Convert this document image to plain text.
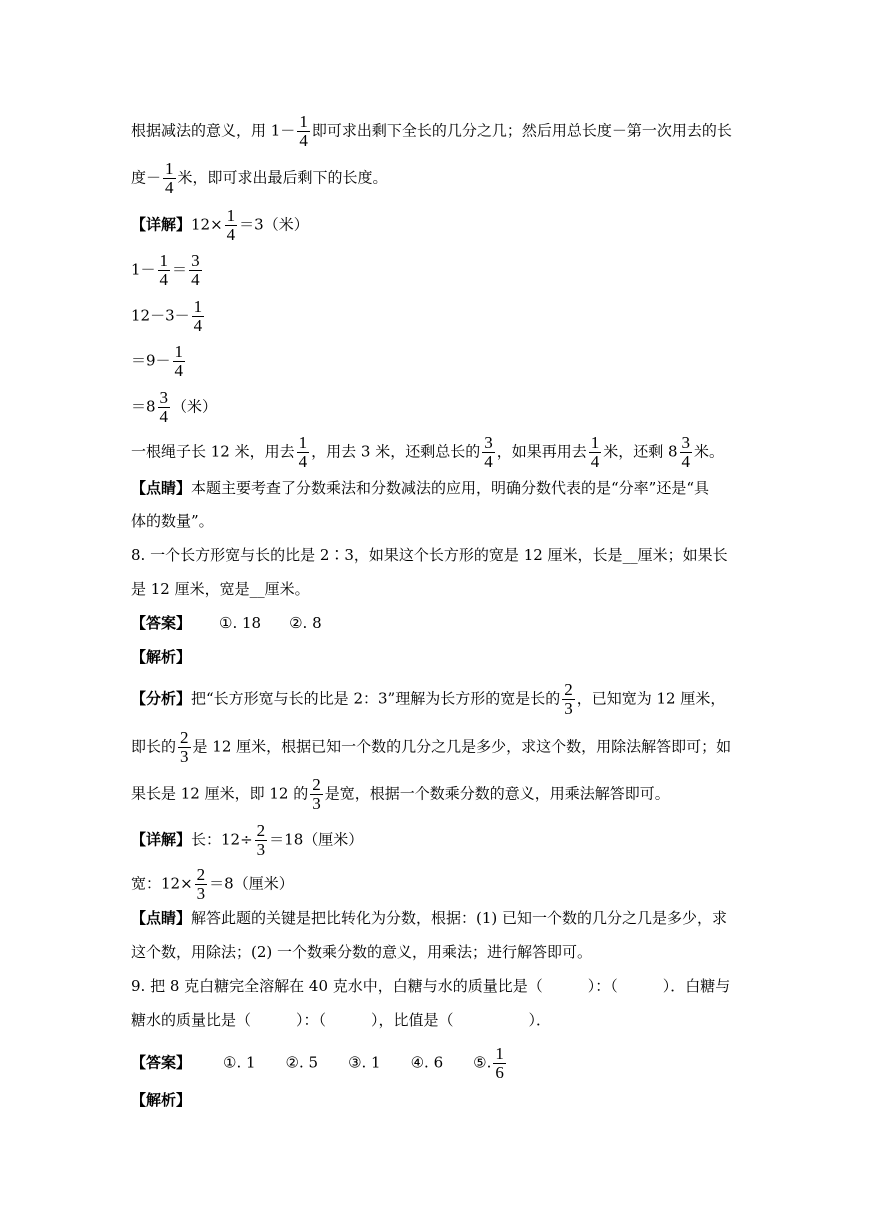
根据减法的意义，用 $1- \frac{1}{4}$ 即可求出剩下全长的几分之几；然后用总长度－第一次用去的长
度－ $\frac{1}{4}$ 米，即可求出最后剩下的长度。
【详解】$12\times \frac{1}{4} =3$（米）
$1- \frac{1}{4} = \frac{3}{4}$
$12-3- \frac{1}{4}$
$=9- \frac{1}{4}$
$=8 \frac{3}{4}$ （米）
一根绳子长 12 米，用去 $\frac{1}{4}$ ，用去 3 米，还剩总长的 $\frac{3}{4}$ ，如果再用去 $\frac{1}{4}$ 米，还剩 $8 \frac{3}{4}$ 米。
【点睛】本题主要考查了分数乘法和分数减法的应用，明确分数代表的是“分率”还是“具
体的数量”。
8. 一个长方形宽与长的比是 2∶3，如果这个长方形的宽是 12 厘米，长是__厘米；如果长
是 12 厘米，宽是__厘米。
【答案】 ①. 18 ②. 8
【解析】
【分析】把“长方形宽与长的比是 2：3”理解为长方形的宽是长的 $\frac{2}{3}$ ，已知宽为 12 厘米，
即长的 $\frac{2}{3}$ 是 12 厘米，根据已知一个数的几分之几是多少，求这个数，用除法解答即可；如
果长是 12 厘米，即 12 的 $\frac{2}{3}$ 是宽，根据一个数乘分数的意义，用乘法解答即可。
【详解】长：$12\div \frac{2}{3} =18$（厘米）
宽：$12\times \frac{2}{3} =8$（厘米）
【点睛】解答此题的关键是把比转化为分数，根据：(1) 已知一个数的几分之几是多少，求
这个数，用除法；(2) 一个数乘分数的意义，用乘法；进行解答即可。
9. 把 8 克白糖完全溶解在 40 克水中，白糖与水的质量比是（　　　）：（　　　）．白糖与
糖水的质量比是（　　　）：（　　　），比值是（　　　　　）．
【答案】 ①. 1 ②. 5 ③. 1 ④. 6 ⑤. $\frac{1}{6}$
【解析】
